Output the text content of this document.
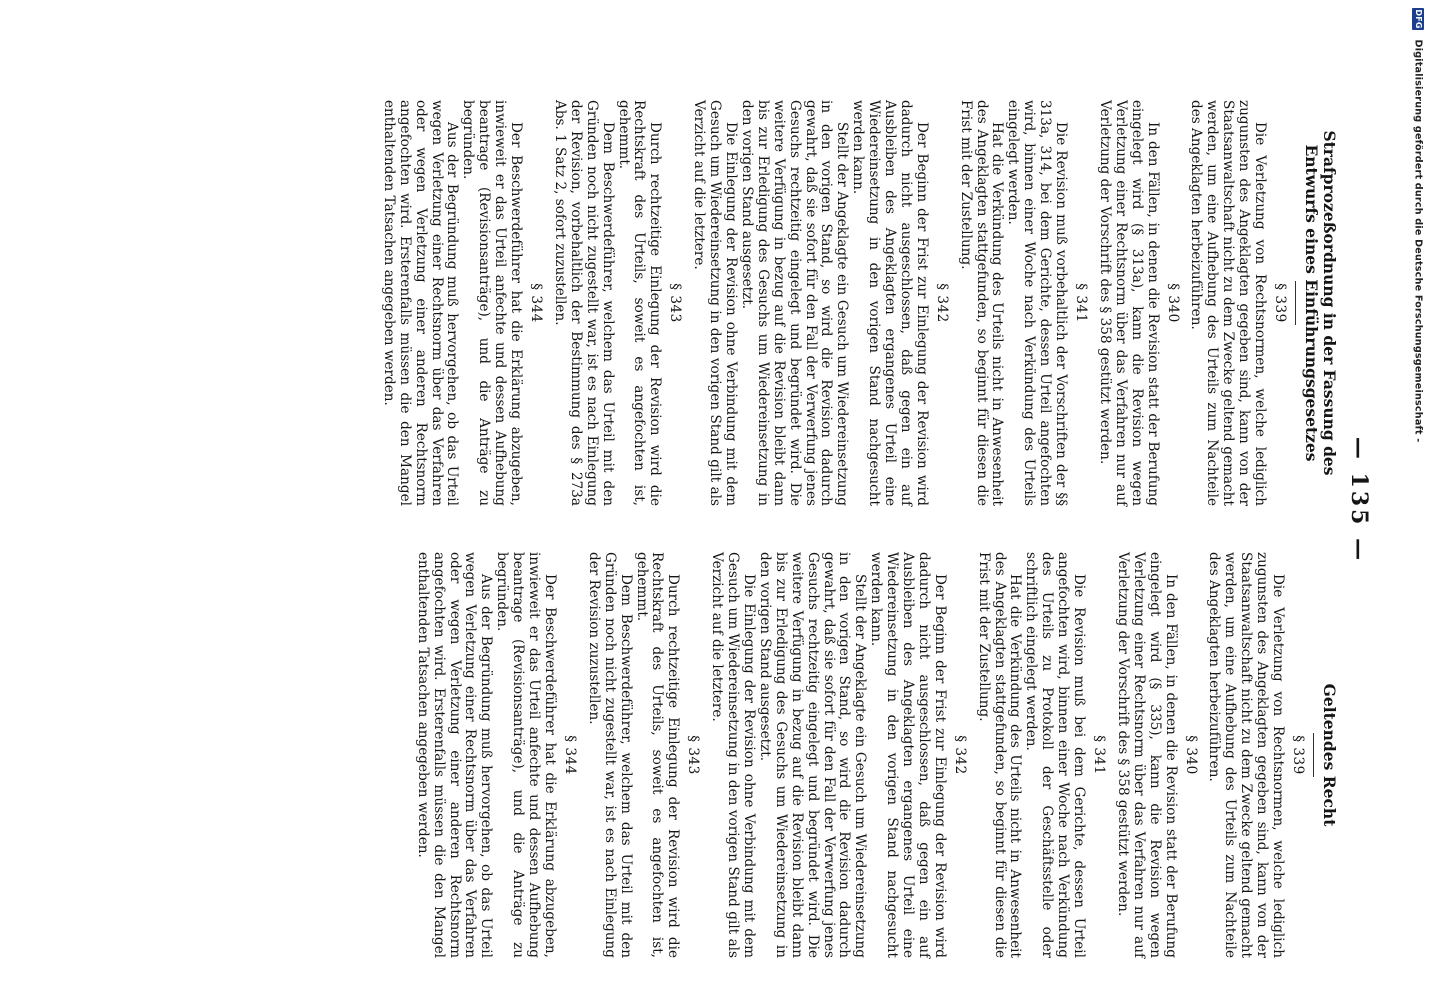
DFG Digitalisierung gefördert durch die Deutsche Forschungsgemeinschaft -
— 135 —
Strafprozeßordnung in der Fassung des Entwurfs eines Einführungsgesetzes
§ 339

Die Verletzung von Rechtsnormen, welche lediglich zugunsten des Angeklagten gegeben sind, kann von der Staatsanwaltschaft nicht zu dem Zwecke geltend gemacht werden, um eine Aufhebung des Urteils zum Nachteile des Angeklagten herbeizuführen.

§ 340

In den Fällen, in denen die Revision statt der Berufung eingelegt wird (§ 313a), kann die Revision wegen Verletzung einer Rechtsnorm über das Verfahren nur auf Verletzung der Vorschrift des § 358 gestützt werden.

§ 341

Die Revision muß vorbehaltlich der Vorschriften der §§ 313a, 314, bei dem Gerichte, dessen Urteil angefochten wird, binnen einer Woche nach Verkündung des Urteils eingelegt werden.

Hat die Verkündung des Urteils nicht in Anwesenheit des Angeklagten stattgefunden, so beginnt für diesen die Frist mit der Zustellung.

§ 342

Der Beginn der Frist zur Einlegung der Revision wird dadurch nicht ausgeschlossen, daß gegen ein auf Ausbleiben des Angeklagten ergangenes Urteil eine Wiedereinsetzung in den vorigen Stand nachgesucht werden kann.

Stellt der Angeklagte ein Gesuch um Wiedereinsetzung in den vorigen Stand, so wird die Revision dadurch gewahrt, daß sie sofort für den Fall der Verwerfung jenes Gesuchs rechtzeitig eingelegt und begründet wird. Die weitere Verfügung in bezug auf die Revision bleibt dann bis zur Erledigung des Gesuchs um Wiedereinsetzung in den vorigen Stand ausgesetzt.

Die Einlegung der Revision ohne Verbindung mit dem Gesuch um Wiedereinsetzung in den vorigen Stand gilt als Verzicht auf die letztere.

§ 343

Durch rechtzeitige Einlegung der Revision wird die Rechtskraft des Urteils, soweit es angefochten ist, gehemmt.

Dem Beschwerdeführer, welchem das Urteil mit den Gründen noch nicht zugestellt war, ist es nach Einlegung der Revision, vorbehaltlich der Bestimmung des § 273a Abs. 1 Satz 2, sofort zuzustellen.

§ 344

Der Beschwerdeführer hat die Erklärung abzugeben, inwieweit er das Urteil anfechte und dessen Aufhebung beantrage (Revisionsanträge), und die Anträge zu begründen.

Aus der Begründung muß hervorgehen, ob das Urteil wegen Verletzung einer Rechtsnorm über das Verfahren oder wegen Verletzung einer anderen Rechtsnorm angefochten wird. Ersterenfalls müssen die den Mangel enthaltenden Tatsachen angegeben werden.

Geltendes Recht
§ 339

Die Verletzung von Rechtsnormen, welche lediglich zugunsten des Angeklagten gegeben sind, kann von der Staatsanwaltschaft nicht zu dem Zwecke geltend gemacht werden, um eine Aufhebung des Urteils zum Nachteile des Angeklagten herbeizuführen.

§ 340

In den Fällen, in denen die Revision statt der Berufung eingelegt wird (§ 335), kann die Revision wegen Verletzung einer Rechtsnorm über das Verfahren nur auf Verletzung der Vorschrift des § 358 gestützt werden.

§ 341

Die Revision muß bei dem Gerichte, dessen Urteil angefochten wird, binnen einer Woche nach Verkündung des Urteils zu Protokoll der Geschäftsstelle oder schriftlich eingelegt werden.

Hat die Verkündung des Urteils nicht in Anwesenheit des Angeklagten stattgefunden, so beginnt für diesen die Frist mit der Zustellung.

§ 342

Der Beginn der Frist zur Einlegung der Revision wird dadurch nicht ausgeschlossen, daß gegen ein auf Ausbleiben des Angeklagten ergangenes Urteil eine Wiedereinsetzung in den vorigen Stand nachgesucht werden kann.

Stellt der Angeklagte ein Gesuch um Wiedereinsetzung in den vorigen Stand, so wird die Revision dadurch gewahrt, daß sie sofort für den Fall der Verwerfung jenes Gesuchs rechtzeitig eingelegt und begründet wird. Die weitere Verfügung in bezug auf die Revision bleibt dann bis zur Erledigung des Gesuchs um Wiedereinsetzung in den vorigen Stand ausgesetzt.

Die Einlegung der Revision ohne Verbindung mit dem Gesuch um Wiedereinsetzung in den vorigen Stand gilt als Verzicht auf die letztere.

§ 343

Durch rechtzeitige Einlegung der Revision wird die Rechtskraft des Urteils, soweit es angefochten ist, gehemmt.

Dem Beschwerdeführer, welchem das Urteil mit den Gründen noch nicht zugestellt war, ist es nach Einlegung der Revision zuzustellen.

§ 344

Der Beschwerdeführer hat die Erklärung abzugeben, inwieweit er das Urteil anfechte und dessen Aufhebung beantrage (Revisionsanträge), und die Anträge zu begründen.

Aus der Begründung muß hervorgehen, ob das Urteil wegen Verletzung einer Rechtsnorm über das Verfahren oder wegen Verletzung einer anderen Rechtsnorm angefochten wird. Ersterenfalls müssen die den Mangel enthaltenden Tatsachen angegeben werden.
